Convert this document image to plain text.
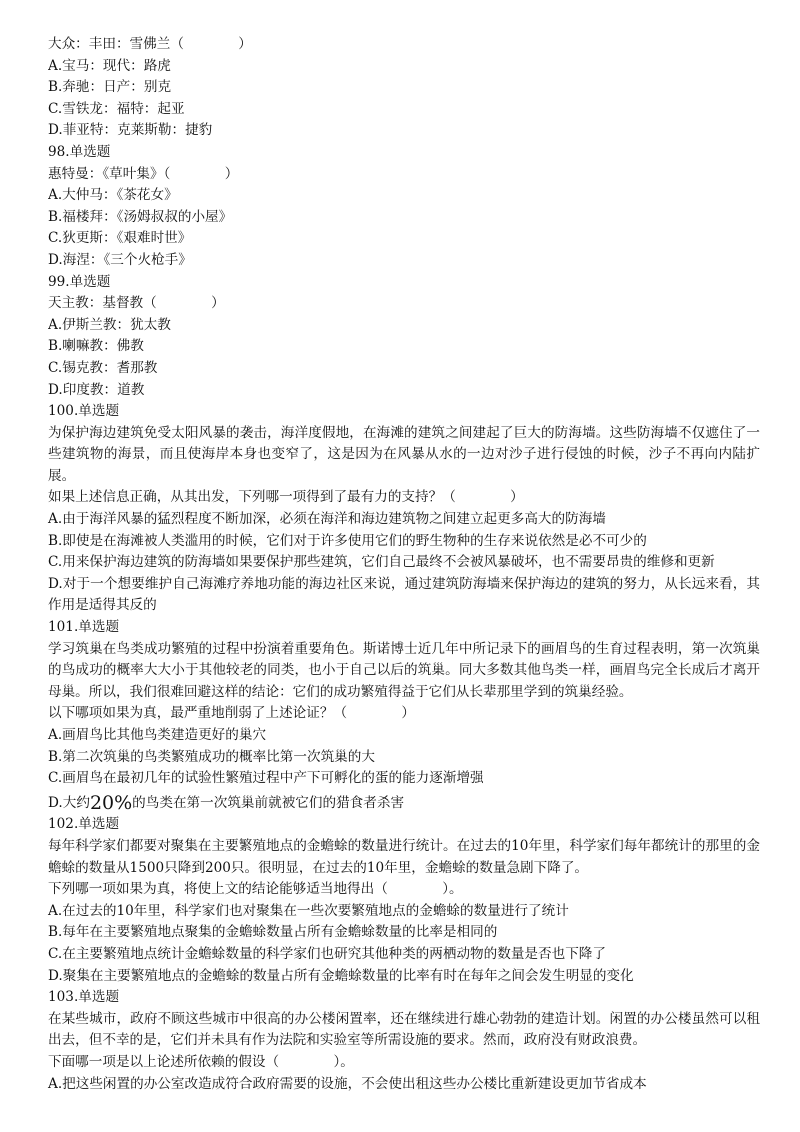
大众：丰田：雪佛兰（　　　　）
A.宝马：现代：路虎
B.奔驰：日产：别克
C.雪铁龙：福特：起亚
D.菲亚特：克莱斯勒：捷豹
98.单选题
惠特曼：《草叶集》（　　　　）
A.大仲马：《茶花女》
B.福楼拜：《汤姆叔叔的小屋》
C.狄更斯：《艰难时世》
D.海涅：《三个火枪手》
99.单选题
天主教：基督教（　　　　）
A.伊斯兰教：犹太教
B.喇嘛教：佛教
C.锡克教：耆那教
D.印度教：道教
100.单选题
为保护海边建筑免受太阳风暴的袭击，海洋度假地，在海滩的建筑之间建起了巨大的防海墙。这些防海墙不仅遮住了一些建筑物的海景，而且使海岸本身也变窄了，这是因为在风暴从水的一边对沙子进行侵蚀的时候，沙子不再向内陆扩展。
如果上述信息正确，从其出发，下列哪一项得到了最有力的支持？（　　　　）
A.由于海洋风暴的猛烈程度不断加深，必须在海洋和海边建筑物之间建立起更多高大的防海墙
B.即使是在海滩被人类滥用的时候，它们对于许多使用它们的野生物种的生存来说依然是必不可少的
C.用来保护海边建筑的防海墙如果要保护那些建筑，它们自己最终不会被风暴破坏，也不需要昂贵的维修和更新
D.对于一个想要维护自己海滩疗养地功能的海边社区来说，通过建筑防海墙来保护海边的建筑的努力，从长远来看，其作用是适得其反的
101.单选题
学习筑巢在鸟类成功繁殖的过程中扮演着重要角色。斯诺博士近几年中所记录下的画眉鸟的生育过程表明，第一次筑巢的鸟成功的概率大大小于其他较老的同类，也小于自己以后的筑巢。同大多数其他鸟类一样，画眉鸟完全长成后才离开母巢。所以，我们很难回避这样的结论：它们的成功繁殖得益于它们从长辈那里学到的筑巢经验。
以下哪项如果为真，最严重地削弱了上述论证？（　　　　）
A.画眉鸟比其他鸟类建造更好的巢穴
B.第二次筑巢的鸟类繁殖成功的概率比第一次筑巢的大
C.画眉鸟在最初几年的试验性繁殖过程中产下可孵化的蛋的能力逐渐增强
D.大约20%的鸟类在第一次筑巢前就被它们的猎食者杀害
102.单选题
每年科学家们都要对聚集在主要繁殖地点的金蟾蜍的数量进行统计。在过去的10年里，科学家们每年都统计的那里的金蟾蜍的数量从1500只降到200只。很明显，在过去的10年里，金蟾蜍的数量急剧下降了。
下列哪一项如果为真，将使上文的结论能够适当地得出（　　　　）。
A.在过去的10年里，科学家们也对聚集在一些次要繁殖地点的金蟾蜍的数量进行了统计
B.每年在主要繁殖地点聚集的金蟾蜍数量占所有金蟾蜍数量的比率是相同的
C.在主要繁殖地点统计金蟾蜍数量的科学家们也研究其他种类的两栖动物的数量是否也下降了
D.聚集在主要繁殖地点的金蟾蜍的数量占所有金蟾蜍数量的比率有时在每年之间会发生明显的变化
103.单选题
在某些城市，政府不顾这些城市中很高的办公楼闲置率，还在继续进行雄心勃勃的建造计划。闲置的办公楼虽然可以租出去，但不幸的是，它们并未具有作为法院和实验室等所需设施的要求。然而，政府没有财政浪费。
下面哪一项是以上论述所依赖的假设（　　　　）。
A.把这些闲置的办公室改造成符合政府需要的设施，不会使出租这些办公楼比重新建设更加节省成本
